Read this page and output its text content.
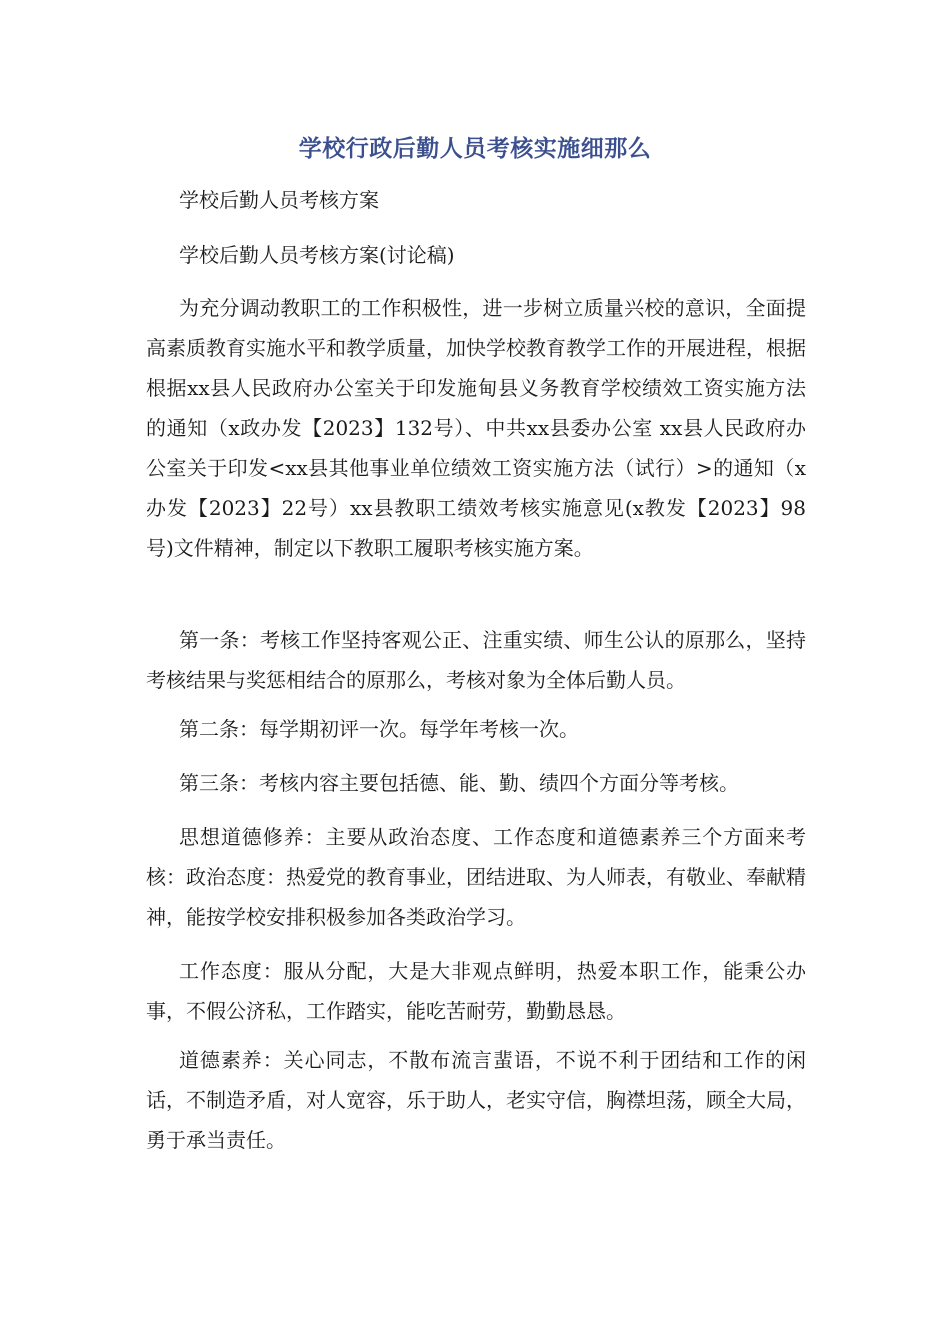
学校行政后勤人员考核实施细那么

学校后勤人员考核方案

学校后勤人员考核方案(讨论稿)

为充分调动教职工的工作积极性，进一步树立质量兴校的意识，全面提高素质教育实施水平和教学质量，加快学校教育教学工作的开展进程，根据根据xx县人民政府办公室关于印发施甸县义务教育学校绩效工资实施方法的通知（x政办发【2023】132号）、中共xx县委办公室 xx县人民政府办公室关于印发<xx县其他事业单位绩效工资实施方法（试行）>的通知（x办发【2023】22号）xx县教职工绩效考核实施意见(x教发【2023】98号)文件精神，制定以下教职工履职考核实施方案。

第一条：考核工作坚持客观公正、注重实绩、师生公认的原那么，坚持考核结果与奖惩相结合的原那么，考核对象为全体后勤人员。

第二条：每学期初评一次。每学年考核一次。

第三条：考核内容主要包括德、能、勤、绩四个方面分等考核。

思想道德修养：主要从政治态度、工作态度和道德素养三个方面来考核：政治态度：热爱党的教育事业，团结进取、为人师表，有敬业、奉献精神，能按学校安排积极参加各类政治学习。

工作态度：服从分配，大是大非观点鲜明，热爱本职工作，能秉公办事，不假公济私，工作踏实，能吃苦耐劳，勤勤恳恳。

道德素养：关心同志，不散布流言蜚语，不说不利于团结和工作的闲话，不制造矛盾，对人宽容，乐于助人，老实守信，胸襟坦荡，顾全大局，勇于承当责任。
